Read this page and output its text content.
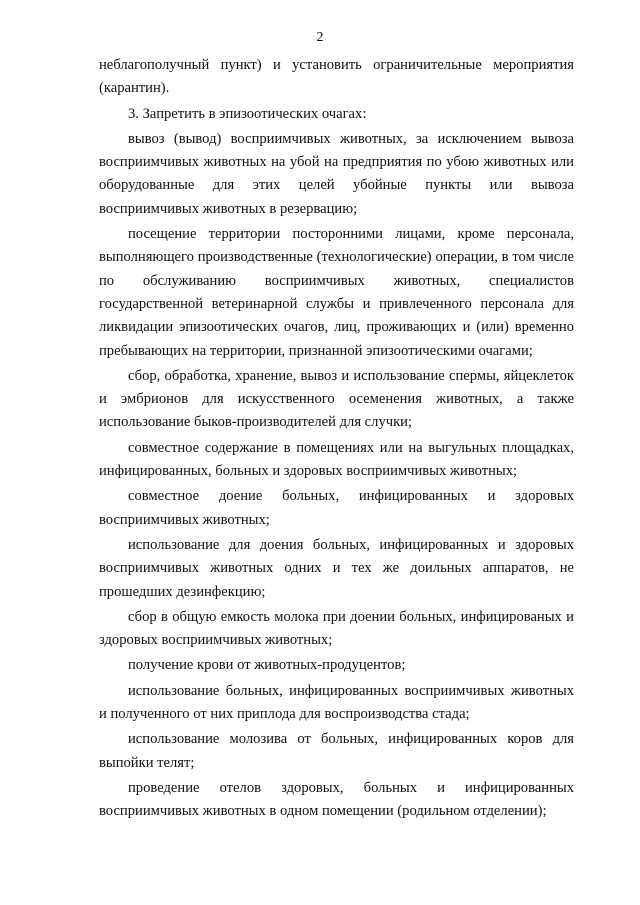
2

неблагополучный пункт) и установить ограничительные мероприятия (карантин).

3. Запретить в эпизоотических очагах:

вывоз (вывод) восприимчивых животных, за исключением вывоза восприимчивых животных на убой на предприятия по убою животных или оборудованные для этих целей убойные пункты или вывоза восприимчивых животных в резервацию;

посещение территории посторонними лицами, кроме персонала, выполняющего производственные (технологические) операции, в том числе по обслуживанию восприимчивых животных, специалистов государственной ветеринарной службы и привлеченного персонала для ликвидации эпизоотических очагов, лиц, проживающих и (или) временно пребывающих на территории, признанной эпизоотическими очагами;

сбор, обработка, хранение, вывоз и использование спермы, яйцеклеток и эмбрионов для искусственного осеменения животных, а также использование быков-производителей для случки;

совместное содержание в помещениях или на выгульных площадках, инфицированных, больных и здоровых восприимчивых животных;

совместное доение больных, инфицированных и здоровых восприимчивых животных;

использование для доения больных, инфицированных и здоровых восприимчивых животных одних и тех же доильных аппаратов, не прошедших дезинфекцию;

сбор в общую емкость молока при доении больных, инфицированых и здоровых восприимчивых животных;

получение крови от животных-продуцентов;

использование больных, инфицированных восприимчивых животных и полученного от них приплода для воспроизводства стада;

использование молозива от больных, инфицированных коров для выпойки телят;

проведение отелов здоровых, больных и инфицированных восприимчивых животных в одном помещении (родильном отделении);
